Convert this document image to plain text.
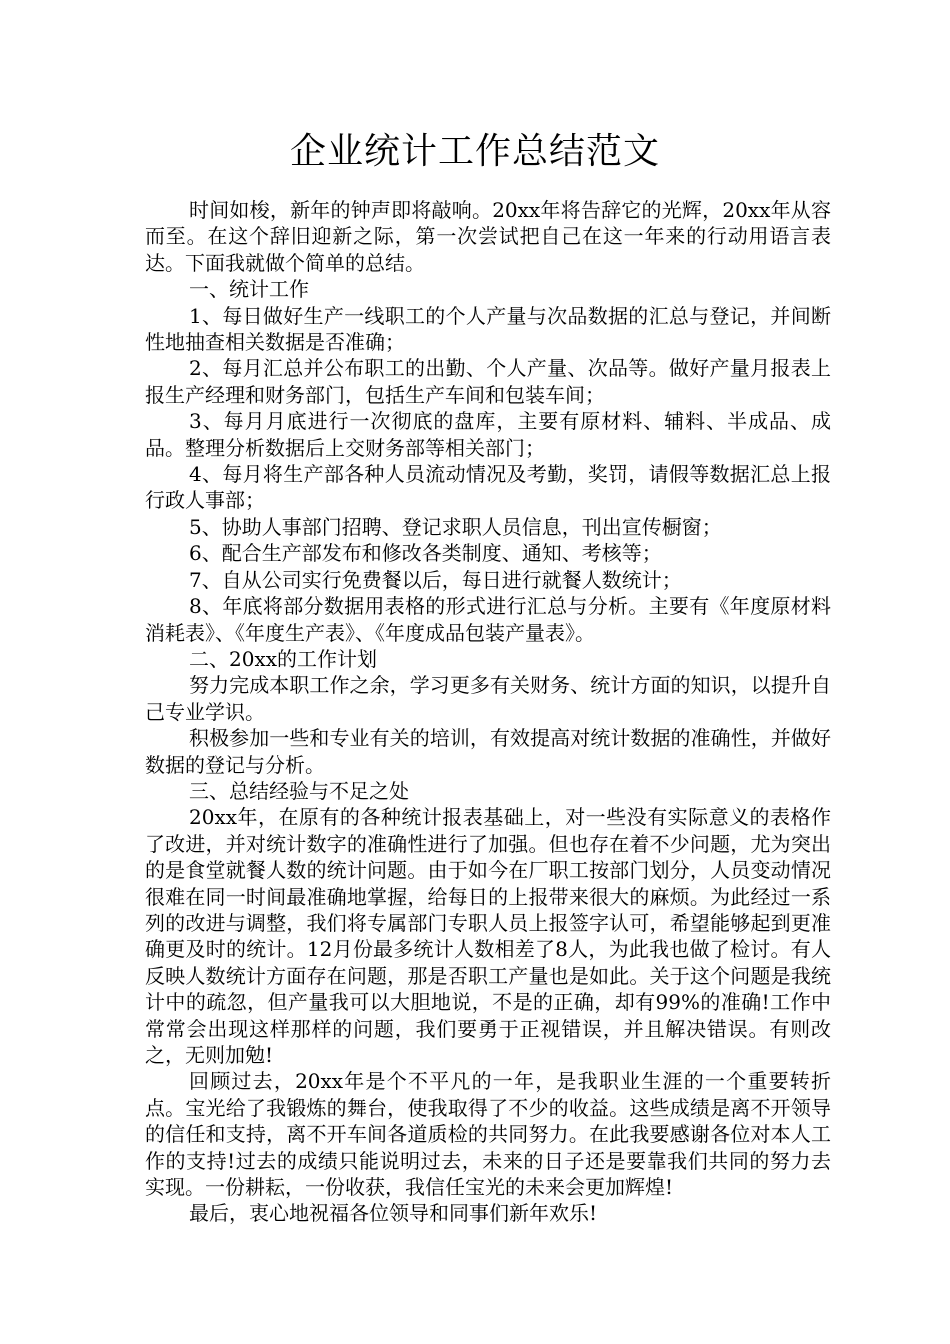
企业统计工作总结范文

时间如梭，新年的钟声即将敲响。20xx年将告辞它的光辉，20xx年从容而至。在这个辞旧迎新之际，第一次尝试把自己在这一年来的行动用语言表达。下面我就做个简单的总结。

一、统计工作

1、每日做好生产一线职工的个人产量与次品数据的汇总与登记，并间断性地抽查相关数据是否准确；

2、每月汇总并公布职工的出勤、个人产量、次品等。做好产量月报表上报生产经理和财务部门，包括生产车间和包装车间；

3、每月月底进行一次彻底的盘库，主要有原材料、辅料、半成品、成品。整理分析数据后上交财务部等相关部门；

4、每月将生产部各种人员流动情况及考勤，奖罚，请假等数据汇总上报行政人事部；

5、协助人事部门招聘、登记求职人员信息，刊出宣传橱窗；

6、配合生产部发布和修改各类制度、通知、考核等；

7、自从公司实行免费餐以后，每日进行就餐人数统计；

8、年底将部分数据用表格的形式进行汇总与分析。主要有《年度原材料消耗表》、《年度生产表》、《年度成品包装产量表》。

二、20xx的工作计划

努力完成本职工作之余，学习更多有关财务、统计方面的知识，以提升自己专业学识。

积极参加一些和专业有关的培训，有效提高对统计数据的准确性，并做好数据的登记与分析。

三、总结经验与不足之处

20xx年，在原有的各种统计报表基础上，对一些没有实际意义的表格作了改进，并对统计数字的准确性进行了加强。但也存在着不少问题，尤为突出的是食堂就餐人数的统计问题。由于如今在厂职工按部门划分，人员变动情况很难在同一时间最准确地掌握，给每日的上报带来很大的麻烦。为此经过一系列的改进与调整，我们将专属部门专职人员上报签字认可，希望能够起到更准确更及时的统计。12月份最多统计人数相差了8人，为此我也做了检讨。有人反映人数统计方面存在问题，那是否职工产量也是如此。关于这个问题是我统计中的疏忽，但产量我可以大胆地说，不是的正确，却有99%的准确!工作中常常会出现这样那样的问题，我们要勇于正视错误，并且解决错误。有则改之，无则加勉!

回顾过去，20xx年是个不平凡的一年，是我职业生涯的一个重要转折点。宝光给了我锻炼的舞台，使我取得了不少的收益。这些成绩是离不开领导的信任和支持，离不开车间各道质检的共同努力。在此我要感谢各位对本人工作的支持!过去的成绩只能说明过去，未来的日子还是要靠我们共同的努力去实现。一份耕耘，一份收获，我信任宝光的未来会更加辉煌!

最后，衷心地祝福各位领导和同事们新年欢乐!
